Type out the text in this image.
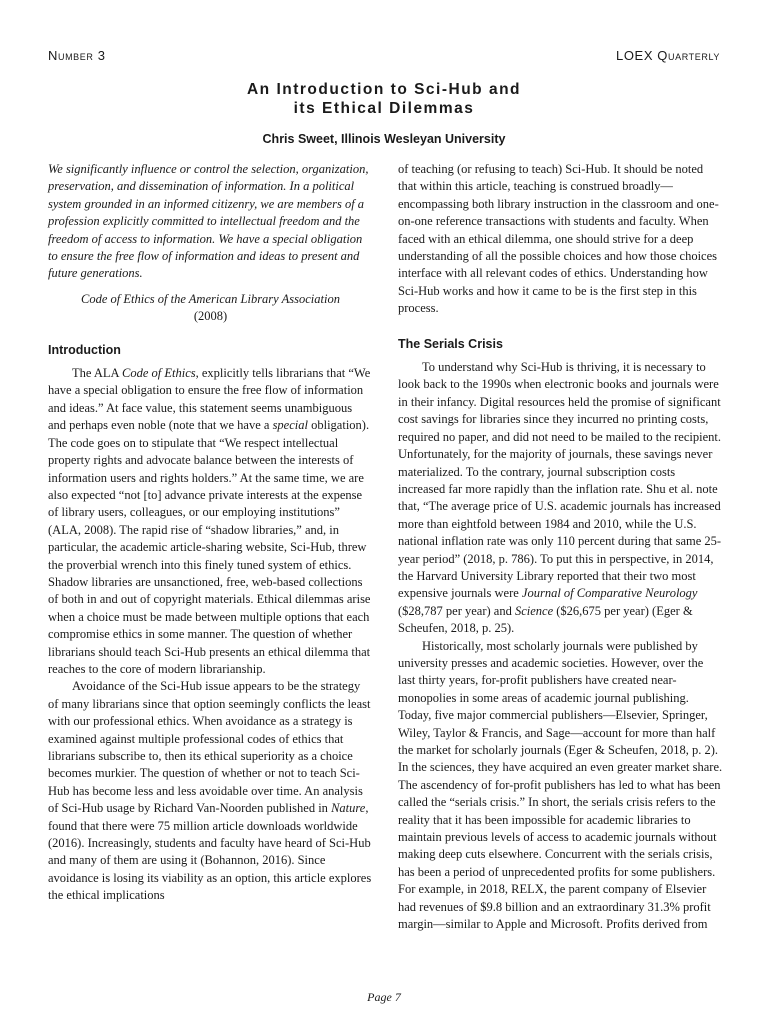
Number 3	LOEX Quarterly
An Introduction to Sci-Hub and
its Ethical Dilemmas
Chris Sweet, Illinois Wesleyan University

We significantly influence or control the selection, organization, preservation, and dissemination of information. In a political system grounded in an informed citizenry, we are members of a profession explicitly committed to intellectual freedom and the freedom of access to information. We have a special obligation to ensure the free flow of information and ideas to present and future generations.

Code of Ethics of the American Library Association
(2008)
Introduction

The ALA Code of Ethics, explicitly tells librarians that “We have a special obligation to ensure the free flow of information and ideas.” At face value, this statement seems unambiguous and perhaps even noble (note that we have a special obligation). The code goes on to stipulate that “We respect intellectual property rights and advocate balance between the interests of information users and rights holders.” At the same time, we are also expected “not [to] advance private interests at the expense of library users, colleagues, or our employing institutions” (ALA, 2008). The rapid rise of “shadow libraries,” and, in particular, the academic article-sharing website, Sci-Hub, threw the proverbial wrench into this finely tuned system of ethics. Shadow libraries are unsanctioned, free, web-based collections of both in and out of copyright materials. Ethical dilemmas arise when a choice must be made between multiple options that each compromise ethics in some manner. The question of whether librarians should teach Sci-Hub presents an ethical dilemma that reaches to the core of modern librarianship.

Avoidance of the Sci-Hub issue appears to be the strategy of many librarians since that option seemingly conflicts the least with our professional ethics. When avoidance as a strategy is examined against multiple professional codes of ethics that librarians subscribe to, then its ethical superiority as a choice becomes murkier. The question of whether or not to teach Sci-Hub has become less and less avoidable over time. An analysis of Sci-Hub usage by Richard Van-Noorden published in Nature, found that there were 75 million article downloads worldwide (2016). Increasingly, students and faculty have heard of Sci-Hub and many of them are using it (Bohannon, 2016). Since avoidance is losing its viability as an option, this article explores the ethical implications

of teaching (or refusing to teach) Sci-Hub. It should be noted that within this article, teaching is construed broadly—encompassing both library instruction in the classroom and one-on-one reference transactions with students and faculty. When faced with an ethical dilemma, one should strive for a deep understanding of all the possible choices and how those choices interface with all relevant codes of ethics. Understanding how Sci-Hub works and how it came to be is the first step in this process.

The Serials Crisis

To understand why Sci-Hub is thriving, it is necessary to look back to the 1990s when electronic books and journals were in their infancy. Digital resources held the promise of significant cost savings for libraries since they incurred no printing costs, required no paper, and did not need to be mailed to the recipient. Unfortunately, for the majority of journals, these savings never materialized. To the contrary, journal subscription costs increased far more rapidly than the inflation rate. Shu et al. note that, “The average price of U.S. academic journals has increased more than eightfold between 1984 and 2010, while the U.S. national inflation rate was only 110 percent during that same 25-year period” (2018, p. 786). To put this in perspective, in 2014, the Harvard University Library reported that their two most expensive journals were Journal of Comparative Neurology ($28,787 per year) and Science ($26,675 per year) (Eger & Scheufen, 2018, p. 25).

Historically, most scholarly journals were published by university presses and academic societies. However, over the last thirty years, for-profit publishers have created near-monopolies in some areas of academic journal publishing. Today, five major commercial publishers—Elsevier, Springer, Wiley, Taylor & Francis, and Sage—account for more than half the market for scholarly journals (Eger & Scheufen, 2018, p. 2). In the sciences, they have acquired an even greater market share. The ascendency of for-profit publishers has led to what has been called the “serials crisis.” In short, the serials crisis refers to the reality that it has been impossible for academic libraries to maintain previous levels of access to academic journals without making deep cuts elsewhere. Concurrent with the serials crisis, has been a period of unprecedented profits for some publishers. For example, in 2018, RELX, the parent company of Elsevier had revenues of $9.8 billion and an extraordinary 31.3% profit margin—similar to Apple and Microsoft. Profits derived from

Page 7
